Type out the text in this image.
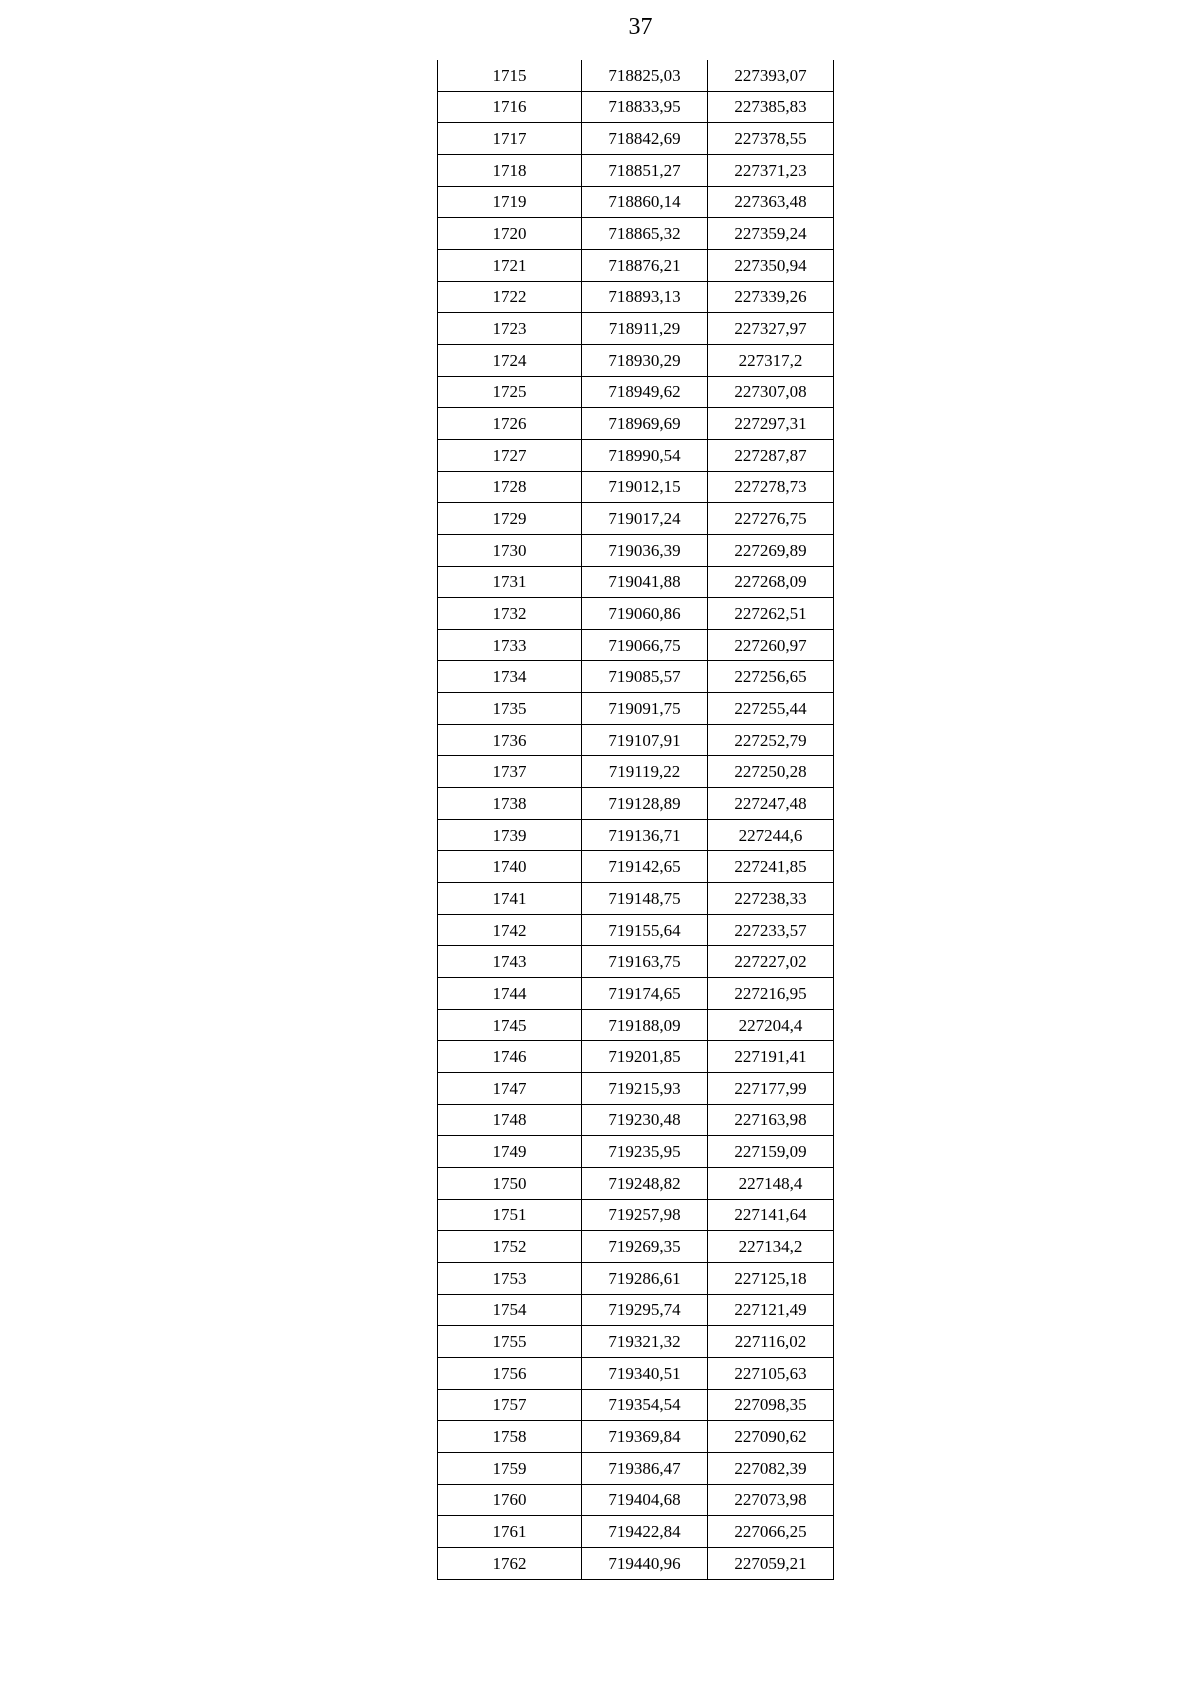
37
1715	718825,03	227393,07
1716	718833,95	227385,83
1717	718842,69	227378,55
1718	718851,27	227371,23
1719	718860,14	227363,48
1720	718865,32	227359,24
1721	718876,21	227350,94
1722	718893,13	227339,26
1723	718911,29	227327,97
1724	718930,29	227317,2
1725	718949,62	227307,08
1726	718969,69	227297,31
1727	718990,54	227287,87
1728	719012,15	227278,73
1729	719017,24	227276,75
1730	719036,39	227269,89
1731	719041,88	227268,09
1732	719060,86	227262,51
1733	719066,75	227260,97
1734	719085,57	227256,65
1735	719091,75	227255,44
1736	719107,91	227252,79
1737	719119,22	227250,28
1738	719128,89	227247,48
1739	719136,71	227244,6
1740	719142,65	227241,85
1741	719148,75	227238,33
1742	719155,64	227233,57
1743	719163,75	227227,02
1744	719174,65	227216,95
1745	719188,09	227204,4
1746	719201,85	227191,41
1747	719215,93	227177,99
1748	719230,48	227163,98
1749	719235,95	227159,09
1750	719248,82	227148,4
1751	719257,98	227141,64
1752	719269,35	227134,2
1753	719286,61	227125,18
1754	719295,74	227121,49
1755	719321,32	227116,02
1756	719340,51	227105,63
1757	719354,54	227098,35
1758	719369,84	227090,62
1759	719386,47	227082,39
1760	719404,68	227073,98
1761	719422,84	227066,25
1762	719440,96	227059,21
